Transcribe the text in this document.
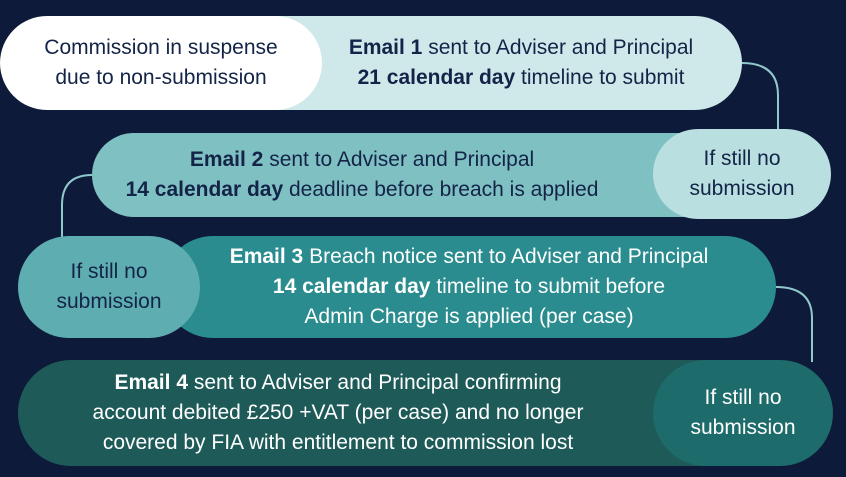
Email 1 sent to Adviser and Principal
21 calendar day timeline to submit
Commission in suspense
due to non-submission
Email 2 sent to Adviser and Principal
14 calendar day deadline before breach is applied
If still no
submission
Email 3 Breach notice sent to Adviser and Principal
14 calendar day timeline to submit before
Admin Charge is applied (per case)
If still no
submission
Email 4 sent to Adviser and Principal confirming
account debited £250 +VAT (per case) and no longer
covered by FIA with entitlement to commission lost
If still no
submission
